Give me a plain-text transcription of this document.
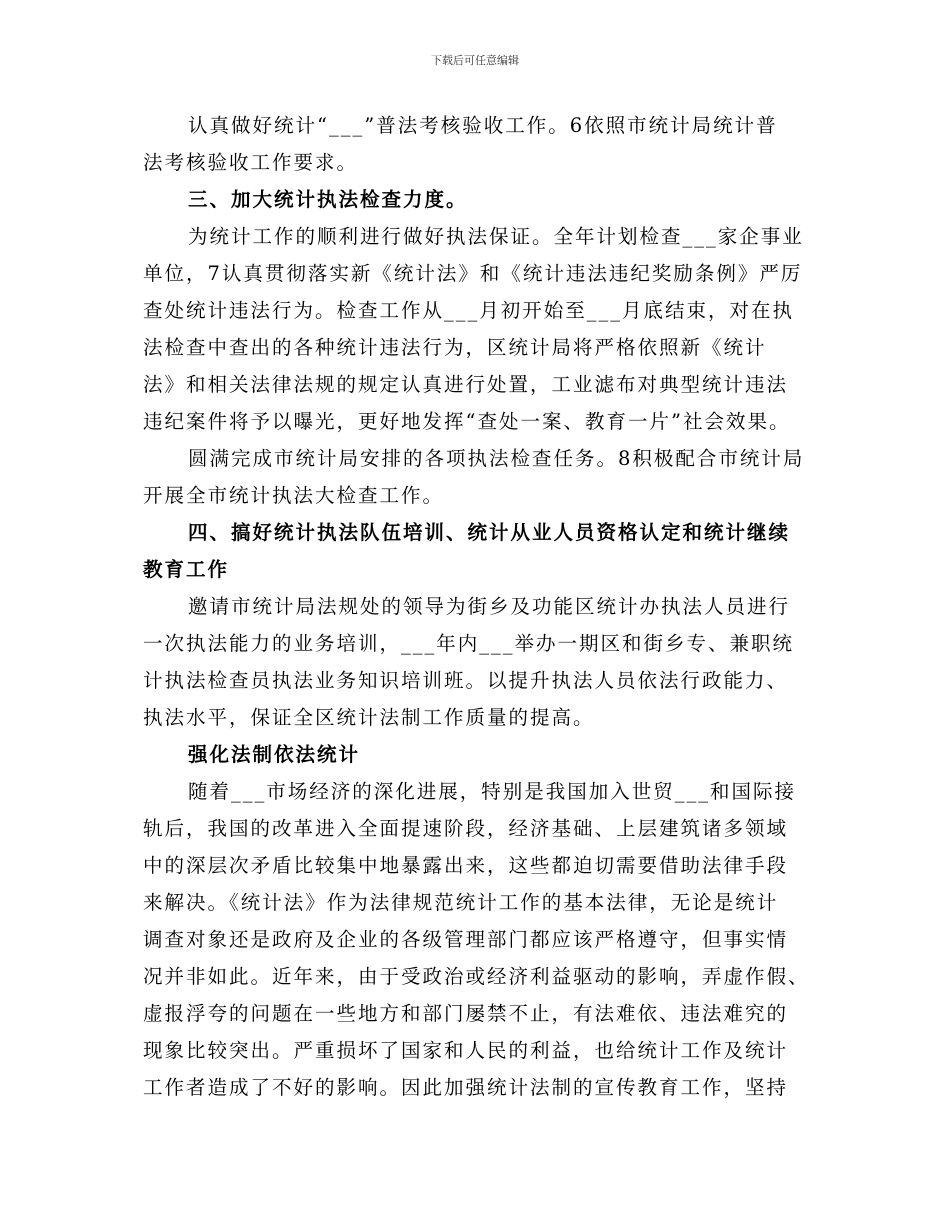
下载后可任意编辑
认真做好统计“___”普法考核验收工作。6依照市统计局统计普
法考核验收工作要求。
三、加大统计执法检查力度。
为统计工作的顺利进行做好执法保证。全年计划检查___家企事业
单位，7认真贯彻落实新《统计法》和《统计违法违纪奖励条例》严厉
查处统计违法行为。检查工作从___月初开始至___月底结束，对在执
法检查中查出的各种统计违法行为，区统计局将严格依照新《统计
法》和相关法律法规的规定认真进行处置，工业滤布对典型统计违法
违纪案件将予以曝光，更好地发挥“查处一案、教育一片”社会效果。
圆满完成市统计局安排的各项执法检查任务。8积极配合市统计局
开展全市统计执法大检查工作。
四、搞好统计执法队伍培训、统计从业人员资格认定和统计继续
教育工作
邀请市统计局法规处的领导为街乡及功能区统计办执法人员进行
一次执法能力的业务培训，___年内___举办一期区和街乡专、兼职统
计执法检查员执法业务知识培训班。以提升执法人员依法行政能力、
执法水平，保证全区统计法制工作质量的提高。
强化法制依法统计
随着___市场经济的深化进展，特别是我国加入世贸___和国际接
轨后，我国的改革进入全面提速阶段，经济基础、上层建筑诸多领域
中的深层次矛盾比较集中地暴露出来，这些都迫切需要借助法律手段
来解决。《统计法》作为法律规范统计工作的基本法律，无论是统计
调查对象还是政府及企业的各级管理部门都应该严格遵守，但事实情
况并非如此。近年来，由于受政治或经济利益驱动的影响，弄虚作假、
虚报浮夸的问题在一些地方和部门屡禁不止，有法难依、违法难究的
现象比较突出。严重损坏了国家和人民的利益，也给统计工作及统计
工作者造成了不好的影响。因此加强统计法制的宣传教育工作，坚持
